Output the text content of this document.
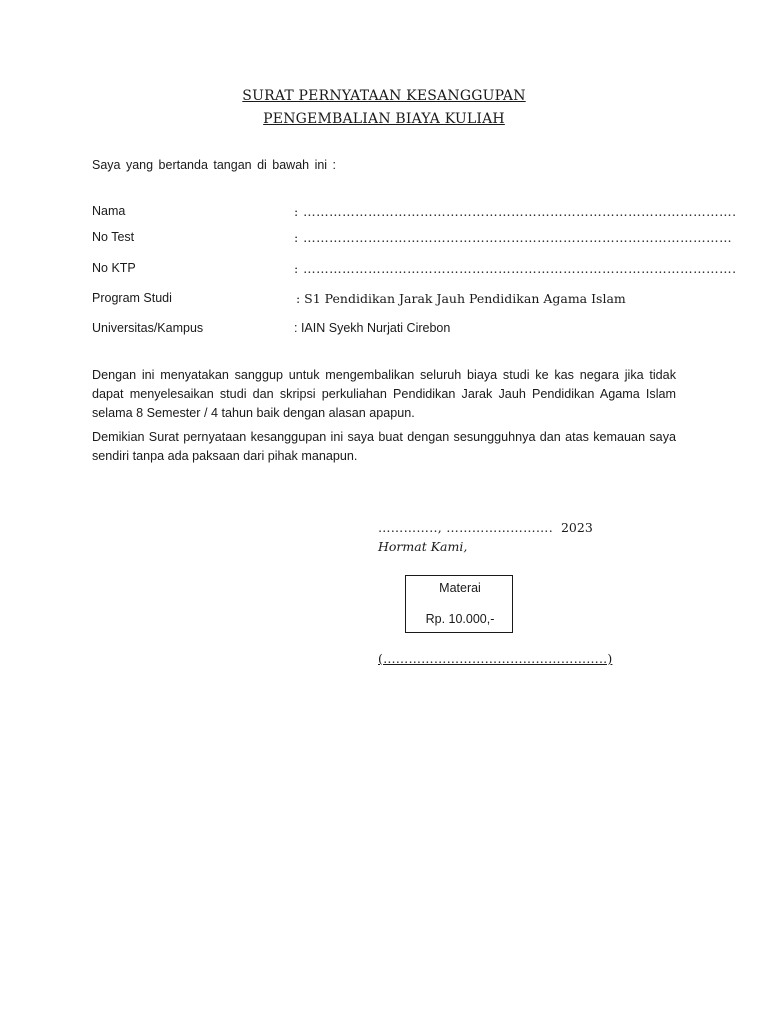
SURAT PERNYATAAN KESANGGUPAN
PENGEMBALIAN BIAYA KULIAH
Saya yang bertanda tangan di bawah ini :
Nama	: ……………………………………………………………………………………….
No Test	: ………………………………………………………………………………………
No KTP	: ……………………………………………………………………………………….
Program Studi	: S1 Pendidikan Jarak Jauh Pendidikan Agama Islam
Universitas/Kampus	: IAIN Syekh Nurjati Cirebon
Dengan ini menyatakan sanggup untuk mengembalikan seluruh biaya studi ke kas negara jika tidak dapat menyelesaikan studi dan skripsi perkuliahan Pendidikan Jarak Jauh Pendidikan Agama Islam selama 8 Semester / 4 tahun baik dengan alasan apapun.
Demikian Surat pernyataan kesanggupan ini saya buat dengan sesungguhnya dan atas kemauan saya sendiri tanpa ada paksaan dari pihak manapun.
………….., ……………………. 2023
Hormat Kami,
Materai
Rp. 10.000,-
(……………………………………………..)
